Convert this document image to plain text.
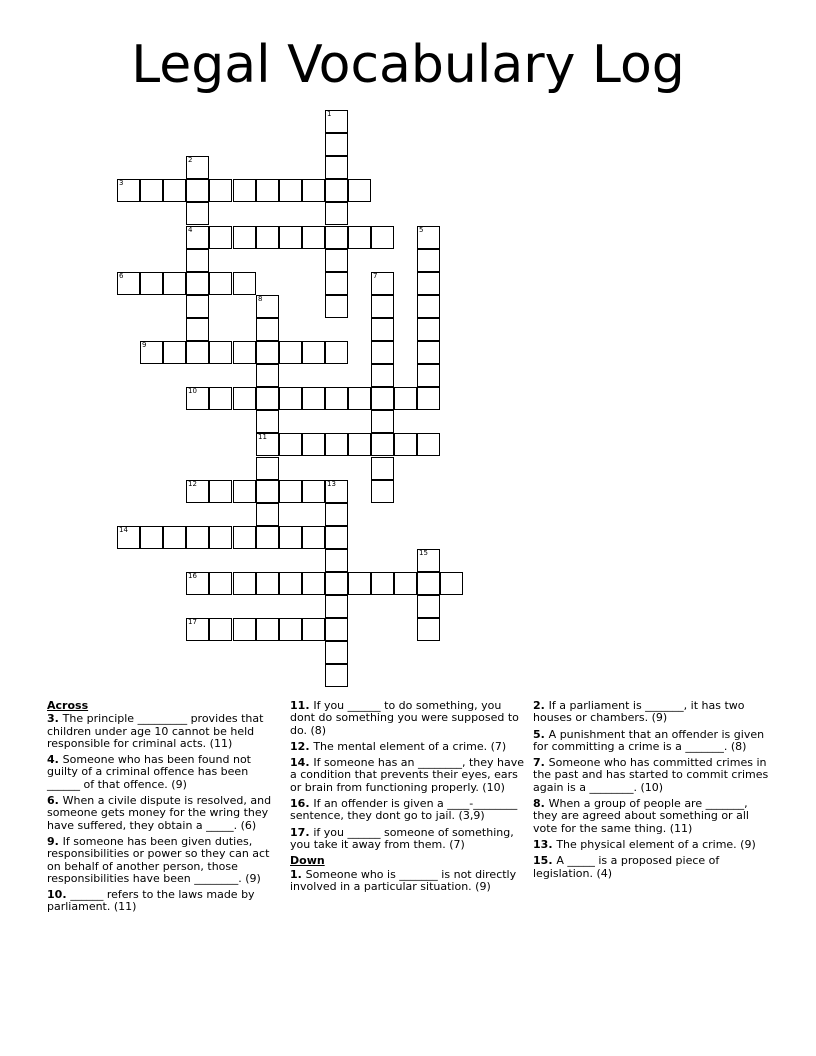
Legal Vocabulary Log
1
2
4
3
5
6	7
8
11
9
10
12	13
14
15
16
17
Across
3. The principle _________ provides that children under age 10 cannot be held responsible for criminal acts. (11)
4. Someone who has been found not guilty of a criminal offence has been ______ of that offence. (9)
6. When a civile dispute is resolved, and someone gets money for the wring they have suffered, they obtain a _____. (6)
9. If someone has been given duties, responsibilities or power so they can act on behalf of another person, those responsibilities have been ________. (9)
10. ______ refers to the laws made by parliament. (11)
11. If you ______ to do something, you dont do something you were supposed to do. (8)
12. The mental element of a crime. (7)
14. If someone has an ________, they have a condition that prevents their eyes, ears or brain from functioning properly. (10)
16. If an offender is given a ____-________ sentence, they dont go to jail. (3,9)
17. if you ______ someone of something, you take it away from them. (7)
Down
1. Someone who is _______ is not directly involved in a particular situation. (9)
2. If a parliament is _______, it has two houses or chambers. (9)
5. A punishment that an offender is given for committing a crime is a _______. (8)
7. Someone who has committed crimes in the past and has started to commit crimes again is a ________. (10)
8. When a group of people are _______, they are agreed about something or all vote for the same thing. (11)
13. The physical element of a crime. (9)
15. A _____ is a proposed piece of legislation. (4)
